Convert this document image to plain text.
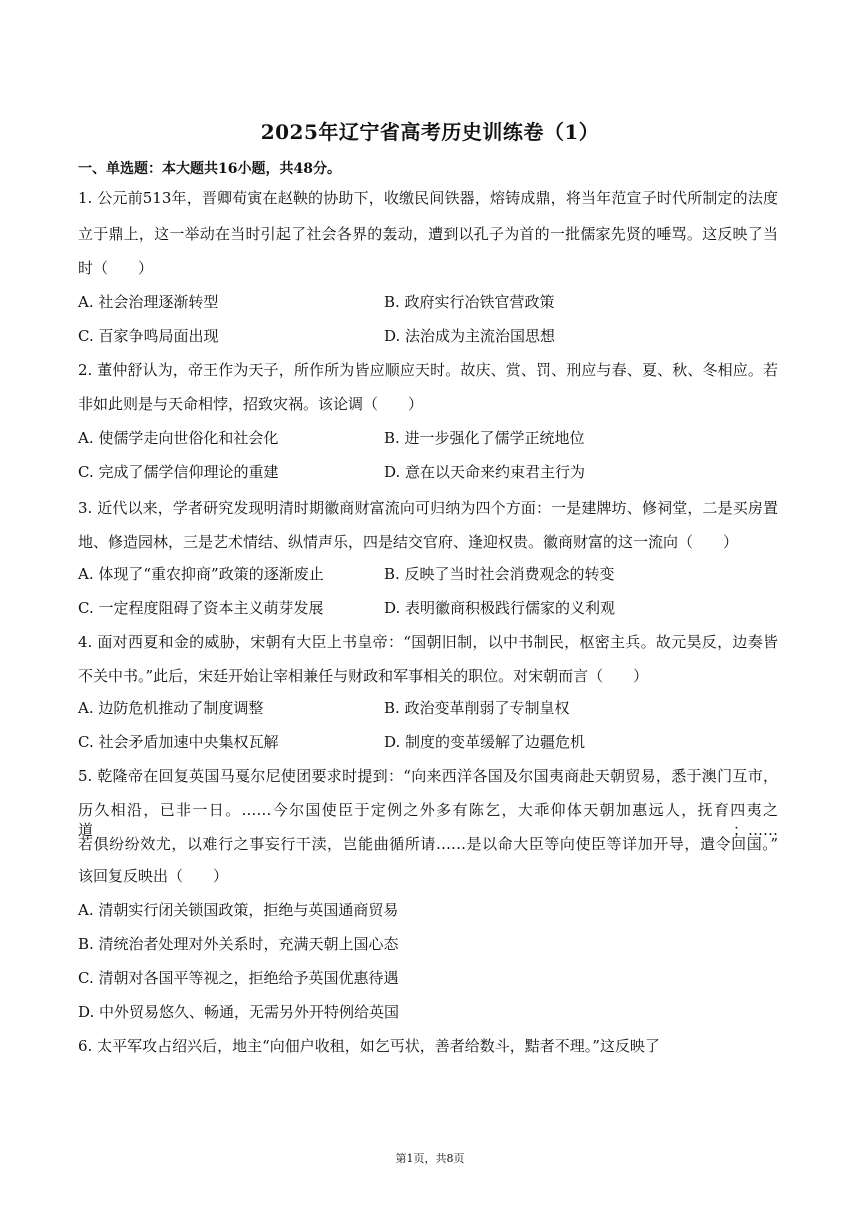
2025年辽宁省高考历史训练卷（1）
一、单选题：本大题共16小题，共48分。
1. 公元前513年，晋卿荀寅在赵鞅的协助下，收缴民间铁器，熔铸成鼎，将当年范宣子时代所制定的法度
立于鼎上，这一举动在当时引起了社会各界的轰动，遭到以孔子为首的一批儒家先贤的唾骂。这反映了当
时（　　）
A. 社会治理逐渐转型	B. 政府实行冶铁官营政策
C. 百家争鸣局面出现	D. 法治成为主流治国思想
2. 董仲舒认为，帝王作为天子，所作所为皆应顺应天时。故庆、赏、罚、刑应与春、夏、秋、冬相应。若
非如此则是与天命相悖，招致灾祸。该论调（　　）
A. 使儒学走向世俗化和社会化	B. 进一步强化了儒学正统地位
C. 完成了儒学信仰理论的重建	D. 意在以天命来约束君主行为
3. 近代以来，学者研究发现明清时期徽商财富流向可归纳为四个方面：一是建牌坊、修祠堂，二是买房置
地、修造园林，三是艺术情结、纵情声乐，四是结交官府、逢迎权贵。徽商财富的这一流向（　　）
A. 体现了“重农抑商”政策的逐渐废止	B. 反映了当时社会消费观念的转变
C. 一定程度阻碍了资本主义萌芽发展	D. 表明徽商积极践行儒家的义利观
4. 面对西夏和金的威胁，宋朝有大臣上书皇帝：“国朝旧制，以中书制民，枢密主兵。故元昊反，边奏皆
不关中书。”此后，宋廷开始让宰相兼任与财政和军事相关的职位。对宋朝而言（　　）
A. 边防危机推动了制度调整	B. 政治变革削弱了专制皇权
C. 社会矛盾加速中央集权瓦解	D. 制度的变革缓解了边疆危机
5. 乾隆帝在回复英国马戛尔尼使团要求时提到：“向来西洋各国及尔国夷商赴天朝贸易，悉于澳门互市，
历久相沿，已非一日。……今尔国使臣于定例之外多有陈乞，大乖仰体天朝加惠远人，抚育四夷之道；……
若俱纷纷效尤，以难行之事妄行干渎，岂能曲循所请……是以命大臣等向使臣等详加开导，遣令回国。”
该回复反映出（　　）
A. 清朝实行闭关锁国政策，拒绝与英国通商贸易
B. 清统治者处理对外关系时，充满天朝上国心态
C. 清朝对各国平等视之，拒绝给予英国优惠待遇
D. 中外贸易悠久、畅通，无需另外开特例给英国
6. 太平军攻占绍兴后，地主“向佃户收租，如乞丐状，善者给数斗，黠者不理。”这反映了
第1页，共8页
